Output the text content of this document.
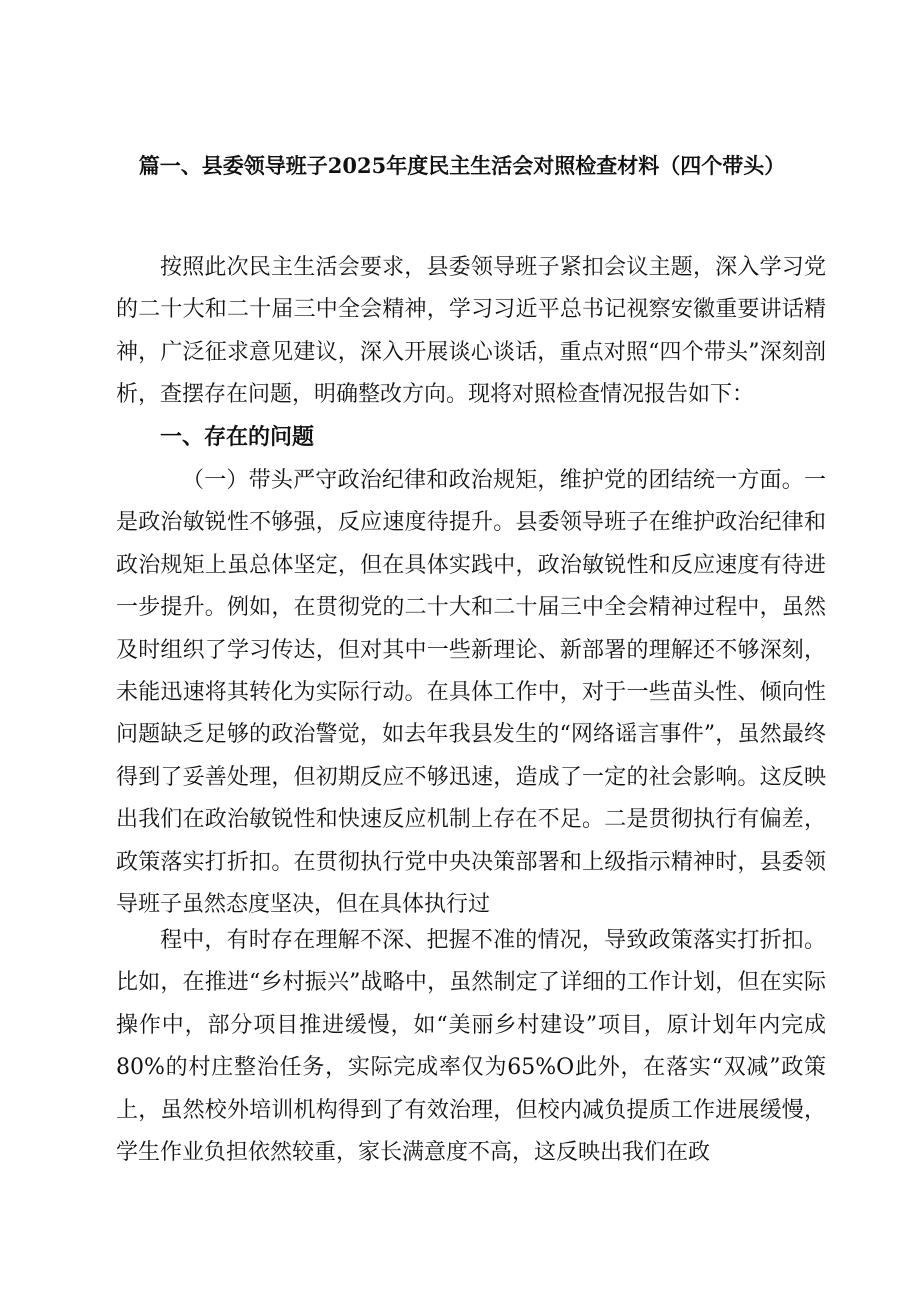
篇一、县委领导班子2025年度民主生活会对照检查材料（四个带头）
按照此次民主生活会要求，县委领导班子紧扣会议主题，深入学习党的二十大和二十届三中全会精神，学习习近平总书记视察安徽重要讲话精神，广泛征求意见建议，深入开展谈心谈话，重点对照“四个带头”深刻剖析，查摆存在问题，明确整改方向。现将对照检查情况报告如下：
一、存在的问题
（一）带头严守政治纪律和政治规矩，维护党的团结统一方面。一是政治敏锐性不够强，反应速度待提升。县委领导班子在维护政治纪律和政治规矩上虽总体坚定，但在具体实践中，政治敏锐性和反应速度有待进一步提升。例如，在贯彻党的二十大和二十届三中全会精神过程中，虽然及时组织了学习传达，但对其中一些新理论、新部署的理解还不够深刻，未能迅速将其转化为实际行动。在具体工作中，对于一些苗头性、倾向性问题缺乏足够的政治警觉，如去年我县发生的“网络谣言事件”，虽然最终得到了妥善处理，但初期反应不够迅速，造成了一定的社会影响。这反映出我们在政治敏锐性和快速反应机制上存在不足。二是贯彻执行有偏差，政策落实打折扣。在贯彻执行党中央决策部署和上级指示精神时，县委领导班子虽然态度坚决，但在具体执行过
程中，有时存在理解不深、把握不准的情况，导致政策落实打折扣。比如，在推进“乡村振兴”战略中，虽然制定了详细的工作计划，但在实际操作中，部分项目推进缓慢，如“美丽乡村建设”项目，原计划年内完成80%的村庄整治任务，实际完成率仅为65%O此外，在落实“双减”政策上，虽然校外培训机构得到了有效治理，但校内减负提质工作进展缓慢，学生作业负担依然较重，家长满意度不高，这反映出我们在政
